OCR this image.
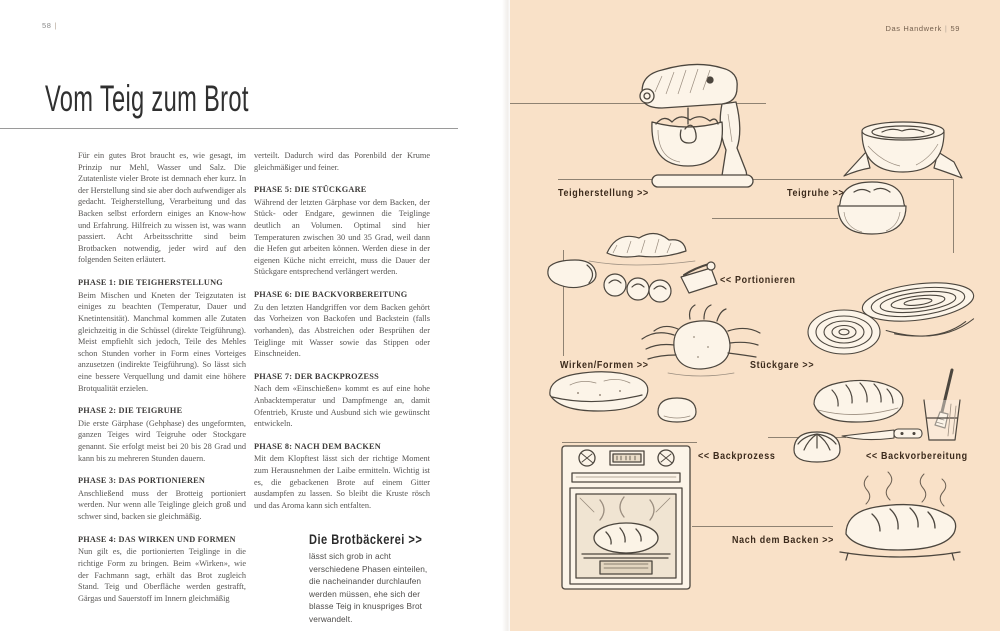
58 |
Vom Teig zum Brot

Für ein gutes Brot braucht es, wie gesagt, im Prinzip nur Mehl, Wasser und Salz. Die Zutatenliste vieler Brote ist demnach eher kurz. In der Herstellung sind sie aber doch aufwendiger als gedacht. Teigherstellung, Verarbeitung und das Backen selbst erfordern einiges an Know-how und Erfahrung. Hilfreich zu wissen ist, was wann passiert. Acht Arbeitsschritte sind beim Brotbacken notwendig, jeder wird auf den folgenden Seiten erläutert.

PHASE 1: DIE TEIGHERSTELLUNG

Beim Mischen und Kneten der Teigzutaten ist einiges zu beachten (Temperatur, Dauer und Knetintensität). Manchmal kommen alle Zutaten gleichzeitig in die Schüssel (direkte Teigführung). Meist empfiehlt sich jedoch, Teile des Mehles schon Stunden vorher in Form eines Vorteiges anzusetzen (indirekte Teigführung). So lässt sich eine bessere Verquellung und damit eine höhere Brotqualität erzielen.

PHASE 2: DIE TEIGRUHE

Die erste Gärphase (Gehphase) des ungeformten, ganzen Teiges wird Teigruhe oder Stockgare genannt. Sie erfolgt meist bei 20 bis 28 Grad und kann bis zu mehreren Stunden dauern.

PHASE 3: DAS PORTIONIEREN

Anschließend muss der Brotteig portioniert werden. Nur wenn alle Teiglinge gleich groß und schwer sind, backen sie gleichmäßig.

PHASE 4: DAS WIRKEN UND FORMEN

Nun gilt es, die portionierten Teiglinge in die richtige Form zu bringen. Beim «Wirken», wie der Fachmann sagt, erhält das Brot zugleich Stand. Teig und Oberfläche werden gestrafft, Gärgas und Sauerstoff im Innern gleichmäßig

verteilt. Dadurch wird das Porenbild der Krume gleichmäßiger und feiner.

PHASE 5: DIE STÜCKGARE

Während der letzten Gärphase vor dem Backen, der Stück- oder Endgare, gewinnen die Teiglinge deutlich an Volumen. Optimal sind hier Temperaturen zwischen 30 und 35 Grad, weil dann die Hefen gut arbeiten können. Werden diese in der eigenen Küche nicht erreicht, muss die Dauer der Stückgare entsprechend verlängert werden.

PHASE 6: DIE BACKVORBEREITUNG

Zu den letzten Handgriffen vor dem Backen gehört das Vorheizen von Backofen und Backstein (falls vorhanden), das Abstreichen oder Besprühen der Teiglinge mit Wasser sowie das Stippen oder Einschneiden.

PHASE 7: DER BACKPROZESS

Nach dem «Einschießen» kommt es auf eine hohe Anbacktemperatur und Dampfmenge an, damit Ofentrieb, Kruste und Ausbund sich wie gewünscht entwickeln.

PHASE 8: NACH DEM BACKEN

Mit dem Klopftest lässt sich der richtige Moment zum Herausnehmen der Laibe ermitteln. Wichtig ist es, die gebackenen Brote auf einem Gitter ausdampfen zu lassen. So bleibt die Kruste rösch und das Aroma kann sich entfalten.

Die Brotbäckerei >>

lässt sich grob in acht verschiedene Phasen einteilen, die nacheinander durchlaufen werden müssen, ehe sich der blasse Teig in knuspriges Brot verwandelt.

Das Handwerk | 59
Teigherstellung >>	Teigruhe >>
<< Portionieren
Wirken/Formen >>	Stückgare >>
<< Backprozess	<< Backvorbereitung
Nach dem Backen >>
